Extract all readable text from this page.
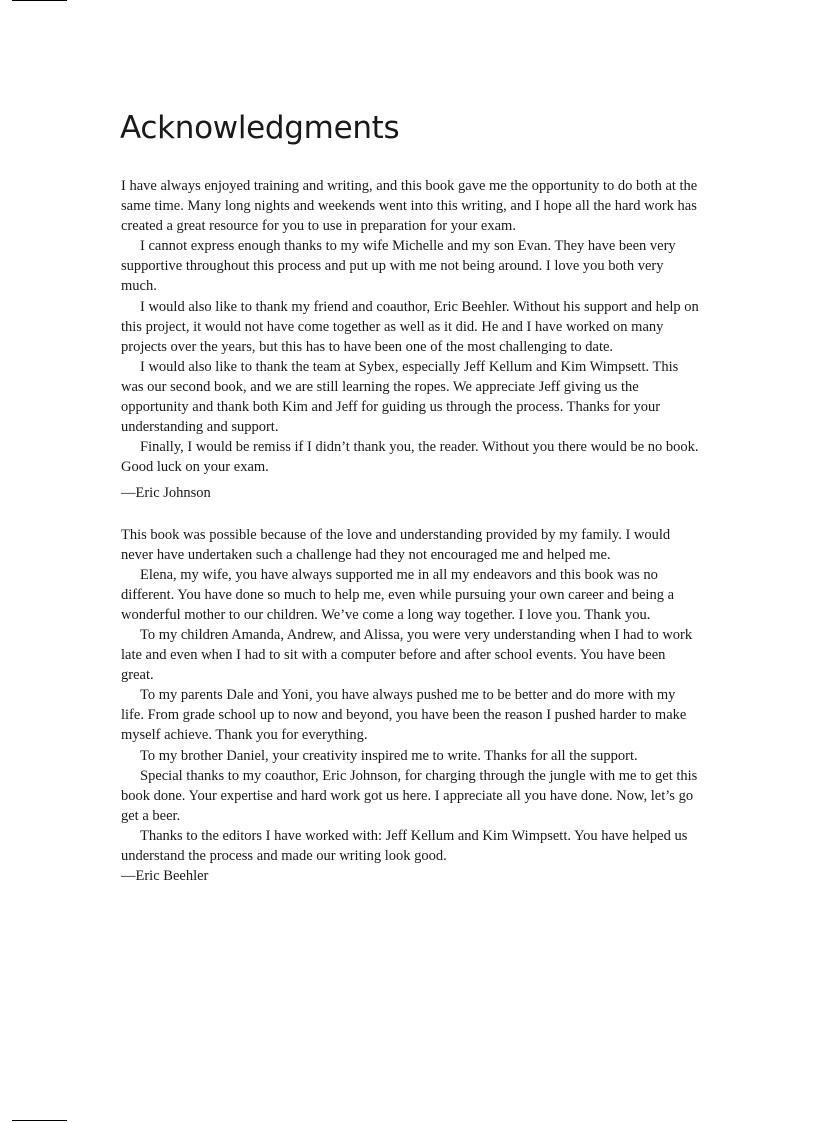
Acknowledgments

I have always enjoyed training and writing, and this book gave me the opportunity to do both at the same time. Many long nights and weekends went into this writing, and I hope all the hard work has created a great resource for you to use in preparation for your exam.

I cannot express enough thanks to my wife Michelle and my son Evan. They have been very supportive throughout this process and put up with me not being around. I love you both very much.

I would also like to thank my friend and coauthor, Eric Beehler. Without his support and help on this project, it would not have come together as well as it did. He and I have worked on many projects over the years, but this has to have been one of the most challenging to date.

I would also like to thank the team at Sybex, especially Jeff Kellum and Kim Wimpsett. This was our second book, and we are still learning the ropes. We appreciate Jeff giving us the opportunity and thank both Kim and Jeff for guiding us through the process. Thanks for your understanding and support.

Finally, I would be remiss if I didn’t thank you, the reader. Without you there would be no book. Good luck on your exam.

—Eric Johnson

This book was possible because of the love and understanding provided by my family. I would never have undertaken such a challenge had they not encouraged me and helped me.

Elena, my wife, you have always supported me in all my endeavors and this book was no different. You have done so much to help me, even while pursuing your own career and being a wonderful mother to our children. We’ve come a long way together. I love you. Thank you.

To my children Amanda, Andrew, and Alissa, you were very understanding when I had to work late and even when I had to sit with a computer before and after school events. You have been great.

To my parents Dale and Yoni, you have always pushed me to be better and do more with my life. From grade school up to now and beyond, you have been the reason I pushed harder to make myself achieve. Thank you for everything.

To my brother Daniel, your creativity inspired me to write. Thanks for all the support.

Special thanks to my coauthor, Eric Johnson, for charging through the jungle with me to get this book done. Your expertise and hard work got us here. I appreciate all you have done. Now, let’s go get a beer.

Thanks to the editors I have worked with: Jeff Kellum and Kim Wimpsett. You have helped us understand the process and made our writing look good.

—Eric Beehler
